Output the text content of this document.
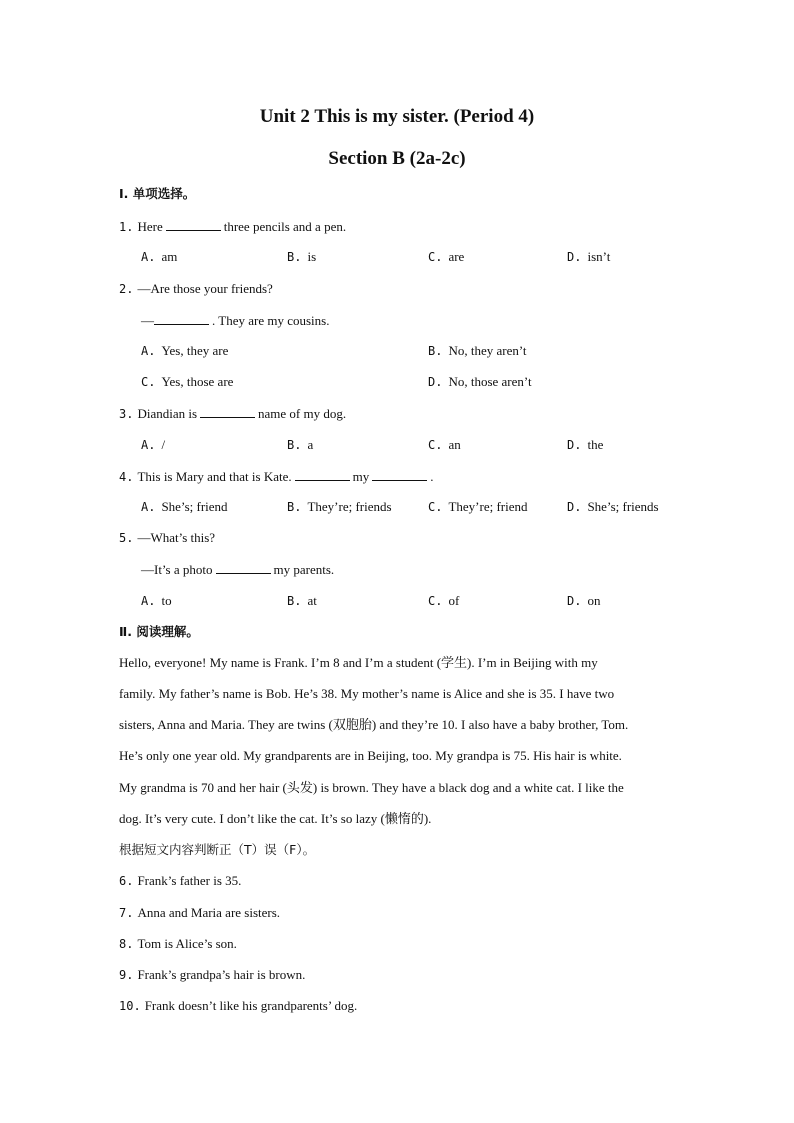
Unit 2 This is my sister. (Period 4)
Section B (2a-2c)
Ⅰ. 单项选择。
1. Here	three pencils and a pen.
A. am	B. is	C. are	D. isn’t
2. —Are those your friends?
—	. They are my cousins.
A. Yes, they are	B. No, they aren’t
C. Yes, those are	D. No, those aren’t
3. Diandian is	name of my dog.
A. /	B. a	C. an	D. the
4. This is Mary and that is Kate.	my	.
A. She’s; friend	B. They’re; friends	C. They’re; friend	D. She’s; friends
5. —What’s this?
—It’s a photo	my parents.
A. to	B. at	C. of	D. on
Ⅱ. 阅读理解。
Hello, everyone! My name is Frank. I’m 8 and I’m a student (学生). I’m in Beijing with my
family. My father’s name is Bob. He’s 38. My mother’s name is Alice and she is 35. I have two
sisters, Anna and Maria. They are twins (双胞胎) and they’re 10. I also have a baby brother, Tom.
He’s only one year old. My grandparents are in Beijing, too. My grandpa is 75. His hair is white.
My grandma is 70 and her hair (头发) is brown. They have a black dog and a white cat. I like the
dog. It’s very cute. I don’t like the cat. It’s so lazy (懒惰的).
根据短文内容判断正（T）误（F）。
6. Frank’s father is 35.
7. Anna and Maria are sisters.
8. Tom is Alice’s son.
9. Frank’s grandpa’s hair is brown.
10. Frank doesn’t like his grandparents’ dog.
